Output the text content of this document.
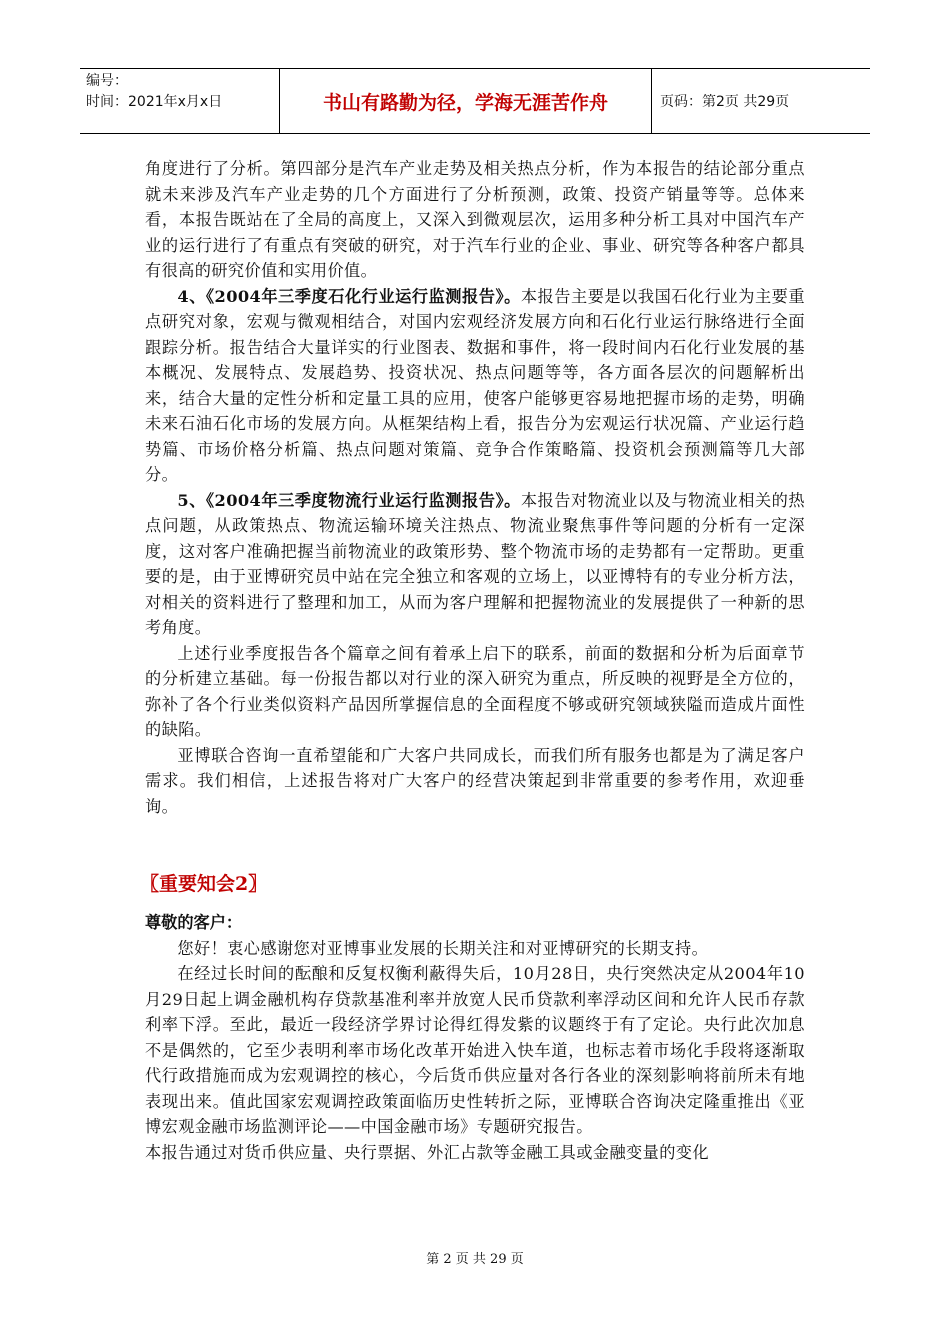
编号：
时间：2021年x月x日	书山有路勤为径，学海无涯苦作舟	页码：第2页 共29页

角度进行了分析。第四部分是汽车产业走势及相关热点分析，作为本报告的结论部分重点就未来涉及汽车产业走势的几个方面进行了分析预测，政策、投资产销量等等。总体来看，本报告既站在了全局的高度上，又深入到微观层次，运用多种分析工具对中国汽车产业的运行进行了有重点有突破的研究，对于汽车行业的企业、事业、研究等各种客户都具有很高的研究价值和实用价值。

4、《2004年三季度石化行业运行监测报告》。本报告主要是以我国石化行业为主要重点研究对象，宏观与微观相结合，对国内宏观经济发展方向和石化行业运行脉络进行全面跟踪分析。报告结合大量详实的行业图表、数据和事件，将一段时间内石化行业发展的基本概况、发展特点、发展趋势、投资状况、热点问题等等，各方面各层次的问题解析出来，结合大量的定性分析和定量工具的应用，使客户能够更容易地把握市场的走势，明确未来石油石化市场的发展方向。从框架结构上看，报告分为宏观运行状况篇、产业运行趋势篇、市场价格分析篇、热点问题对策篇、竞争合作策略篇、投资机会预测篇等几大部分。

5、《2004年三季度物流行业运行监测报告》。本报告对物流业以及与物流业相关的热点问题，从政策热点、物流运输环境关注热点、物流业聚焦事件等问题的分析有一定深度，这对客户准确把握当前物流业的政策形势、整个物流市场的走势都有一定帮助。更重要的是，由于亚博研究员中站在完全独立和客观的立场上，以亚博特有的专业分析方法，对相关的资料进行了整理和加工，从而为客户理解和把握物流业的发展提供了一种新的思考角度。

上述行业季度报告各个篇章之间有着承上启下的联系，前面的数据和分析为后面章节的分析建立基础。每一份报告都以对行业的深入研究为重点，所反映的视野是全方位的，弥补了各个行业类似资料产品因所掌握信息的全面程度不够或研究领域狭隘而造成片面性的缺陷。

亚博联合咨询一直希望能和广大客户共同成长，而我们所有服务也都是为了满足客户需求。我们相信，上述报告将对广大客户的经营决策起到非常重要的参考作用，欢迎垂询。

〖重要知会2〗

尊敬的客户：

您好！衷心感谢您对亚博事业发展的长期关注和对亚博研究的长期支持。

在经过长时间的酝酿和反复权衡利蔽得失后，10月28日，央行突然决定从2004年10月29日起上调金融机构存贷款基准利率并放宽人民币贷款利率浮动区间和允许人民币存款利率下浮。至此，最近一段经济学界讨论得红得发紫的议题终于有了定论。央行此次加息不是偶然的，它至少表明利率市场化改革开始进入快车道，也标志着市场化手段将逐渐取代行政措施而成为宏观调控的核心，今后货币供应量对各行各业的深刻影响将前所未有地表现出来。值此国家宏观调控政策面临历史性转折之际，亚博联合咨询决定隆重推出《亚博宏观金融市场监测评论——中国金融市场》专题研究报告。

本报告通过对货币供应量、央行票据、外汇占款等金融工具或金融变量的变化

第 2 页 共 29 页
